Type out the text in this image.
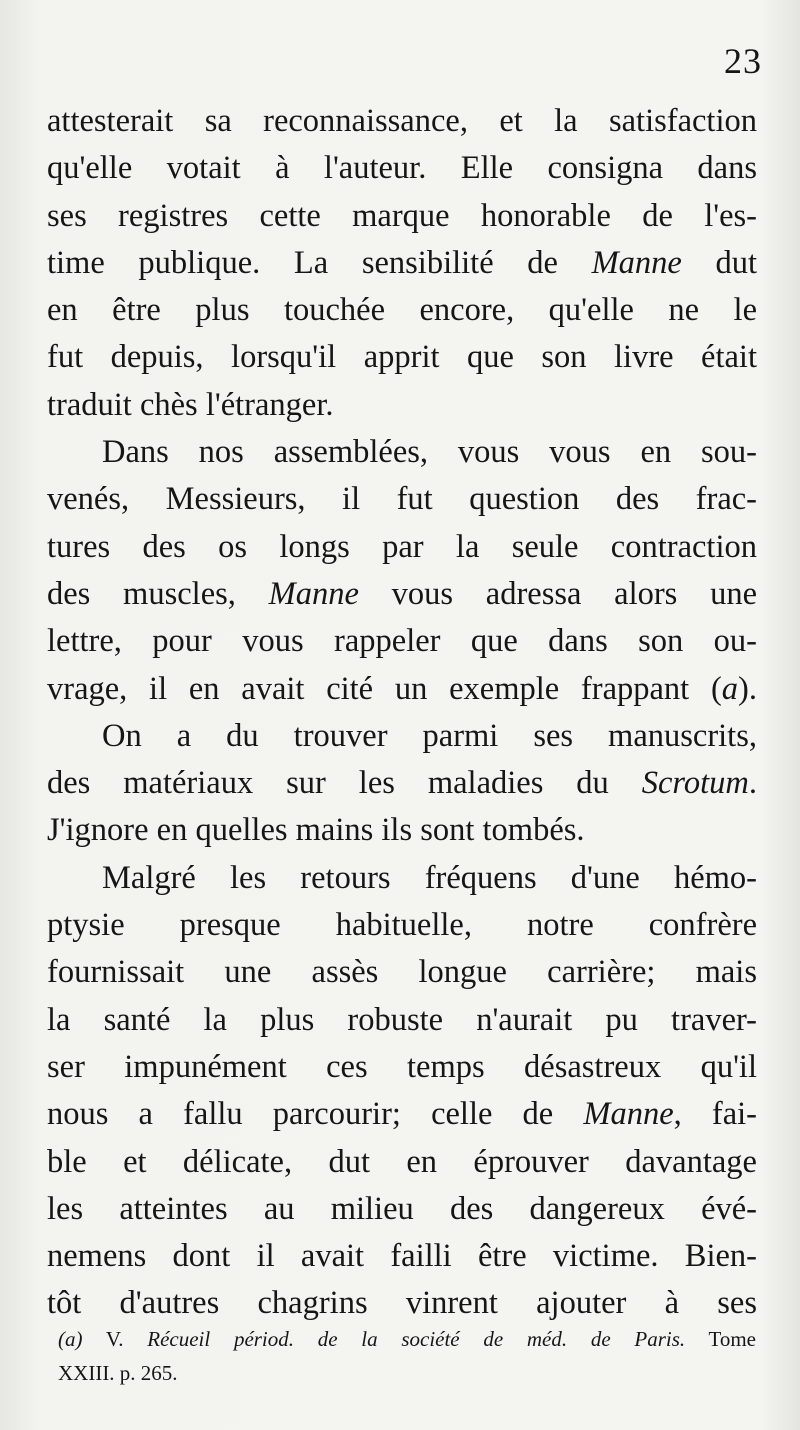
23
attesterait sa reconnaissance, et la satisfaction
qu'elle votait à l'auteur. Elle consigna dans
ses registres cette marque honorable de l'es-
time publique. La sensibilité de Manne dut
en être plus touchée encore, qu'elle ne le
fut depuis, lorsqu'il apprit que son livre était
traduit chès l'étranger.
Dans nos assemblées, vous vous en sou-
venés, Messieurs, il fut question des frac-
tures des os longs par la seule contraction
des muscles, Manne vous adressa alors une
lettre, pour vous rappeler que dans son ou-
vrage, il en avait cité un exemple frappant (a).
On a du trouver parmi ses manuscrits,
des matériaux sur les maladies du Scrotum.
J'ignore en quelles mains ils sont tombés.
Malgré les retours fréquens d'une hémo-
ptysie presque habituelle, notre confrère
fournissait une assès longue carrière; mais
la santé la plus robuste n'aurait pu traver-
ser impunément ces temps désastreux qu'il
nous a fallu parcourir; celle de Manne, fai-
ble et délicate, dut en éprouver davantage
les atteintes au milieu des dangereux évé-
nemens dont il avait failli être victime. Bien-
tôt d'autres chagrins vinrent ajouter à ses
(a) V. Récueil périod. de la société de méd. de Paris. Tome
XXIII. p. 265.
